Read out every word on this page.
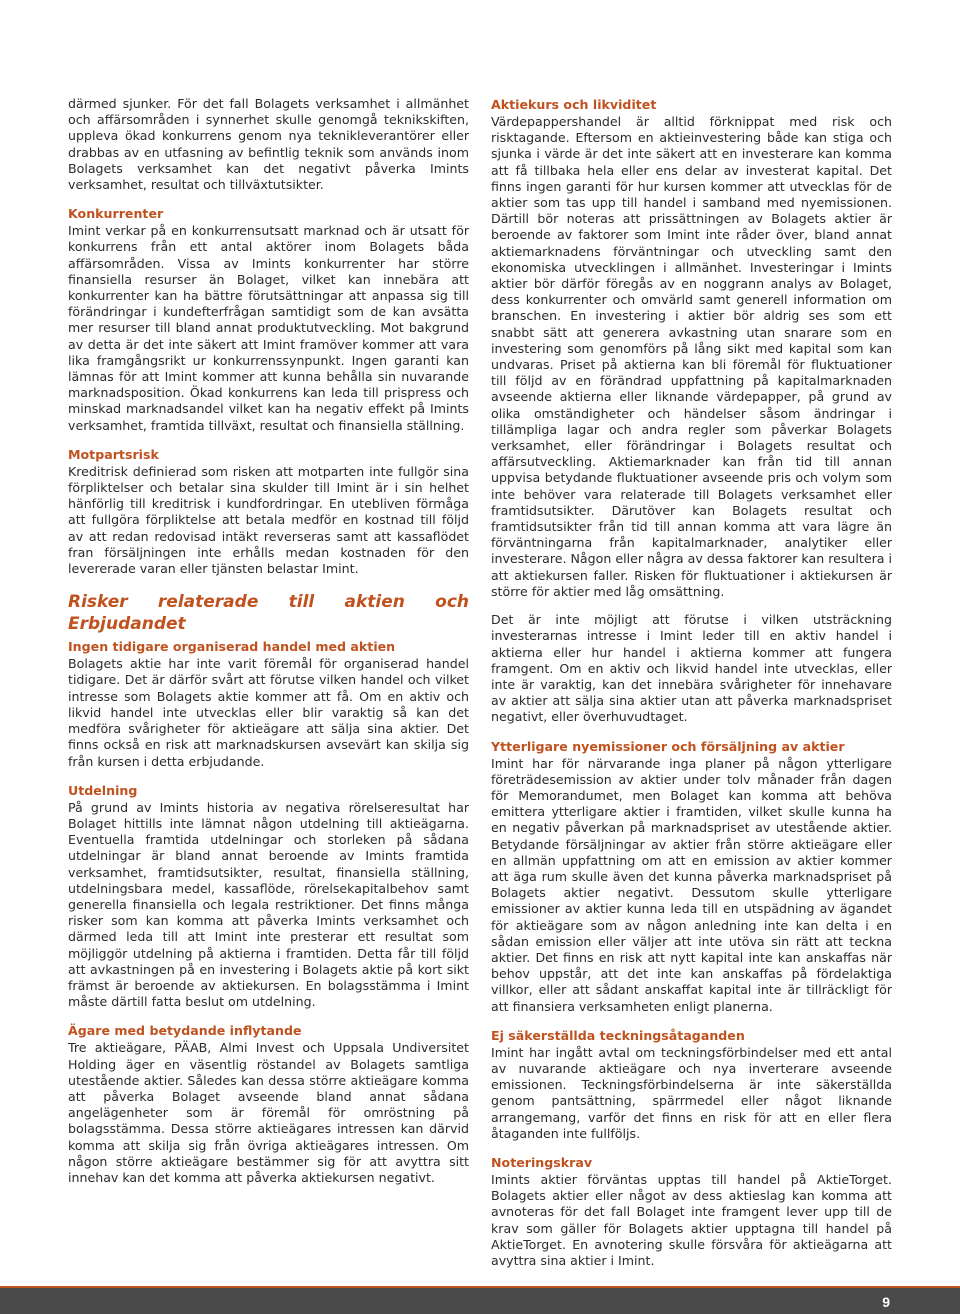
därmed sjunker. För det fall Bolagets verksamhet i allmänhet och affärsområden i synnerhet skulle genomgå teknikskiften, uppleva ökad konkurrens genom nya teknikleverantörer eller drabbas av en utfasning av befintlig teknik som används inom Bolagets verksamhet kan det negativt påverka Imints verksamhet, resultat och tillväxtutsikter.

Konkurrenter

Imint verkar på en konkurrensutsatt marknad och är utsatt för konkurrens från ett antal aktörer inom Bolagets båda affärsområden. Vissa av Imints konkurrenter har större finansiella resurser än Bolaget, vilket kan innebära att konkurrenter kan ha bättre förutsättningar att anpassa sig till förändringar i kundefterfrågan samtidigt som de kan avsätta mer resurser till bland annat produktutveckling. Mot bakgrund av detta är det inte säkert att Imint framöver kommer att vara lika framgångsrikt ur konkurrenssynpunkt. Ingen garanti kan lämnas för att Imint kommer att kunna behålla sin nuvarande marknadsposition. Ökad konkurrens kan leda till prispress och minskad marknadsandel vilket kan ha negativ effekt på Imints verksamhet, framtida tillväxt, resultat och finansiella ställning.

Motpartsrisk

Kreditrisk definierad som risken att motparten inte fullgör sina förpliktelser och betalar sina skulder till Imint är i sin helhet hänförlig till kreditrisk i kundfordringar. En utebliven förmåga att fullgöra förpliktelse att betala medför en kostnad till följd av att redan redovisad intäkt reverseras samt att kassaflödet fran försäljningen inte erhålls medan kostnaden för den levererade varan eller tjänsten belastar Imint.

Risker relaterade till aktien och Erbjudandet
Ingen tidigare organiserad handel med aktien

Bolagets aktie har inte varit föremål för organiserad handel tidigare. Det är därför svårt att förutse vilken handel och vilket intresse som Bolagets aktie kommer att få. Om en aktiv och likvid handel inte utvecklas eller blir varaktig så kan det medföra svårigheter för aktieägare att sälja sina aktier. Det finns också en risk att marknadskursen avsevärt kan skilja sig från kursen i detta erbjudande.

Utdelning

På grund av Imints historia av negativa rörelseresultat har Bolaget hittills inte lämnat någon utdelning till aktieägarna. Eventuella framtida utdelningar och storleken på sådana utdelningar är bland annat beroende av Imints framtida verksamhet, framtidsutsikter, resultat, finansiella ställning, utdelningsbara medel, kassaflöde, rörelsekapitalbehov samt generella finansiella och legala restriktioner. Det finns många risker som kan komma att påverka Imints verksamhet och därmed leda till att Imint inte presterar ett resultat som möjliggör utdelning på aktierna i framtiden. Detta får till följd att avkastningen på en investering i Bolagets aktie på kort sikt främst är beroende av aktiekursen. En bolagsstämma i Imint måste därtill fatta beslut om utdelning.

Ägare med betydande inflytande

Tre aktieägare, PÄAB, Almi Invest och Uppsala Undiversitet Holding äger en väsentlig röstandel av Bolagets samtliga utestående aktier. Således kan dessa större aktieägare komma att påverka Bolaget avseende bland annat sådana angelägenheter som är föremål för omröstning på bolagsstämma. Dessa större aktieägares intressen kan därvid komma att skilja sig från övriga aktieägares intressen. Om någon större aktieägare bestämmer sig för att avyttra sitt innehav kan det komma att påverka aktiekursen negativt.

Aktiekurs och likviditet

Värdepappershandel är alltid förknippat med risk och risktagande. Eftersom en aktieinvestering både kan stiga och sjunka i värde är det inte säkert att en investerare kan komma att få tillbaka hela eller ens delar av investerat kapital. Det finns ingen garanti för hur kursen kommer att utvecklas för de aktier som tas upp till handel i samband med nyemissionen. Därtill bör noteras att prissättningen av Bolagets aktier är beroende av faktorer som Imint inte råder över, bland annat aktiemarknadens förväntningar och utveckling samt den ekonomiska utvecklingen i allmänhet. Investeringar i Imints aktier bör därför föregås av en noggrann analys av Bolaget, dess konkurrenter och omvärld samt generell information om branschen. En investering i aktier bör aldrig ses som ett snabbt sätt att generera avkastning utan snarare som en investering som genomförs på lång sikt med kapital som kan undvaras. Priset på aktierna kan bli föremål för fluktuationer till följd av en förändrad uppfattning på kapitalmarknaden avseende aktierna eller liknande värdepapper, på grund av olika omständigheter och händelser såsom ändringar i tillämpliga lagar och andra regler som påverkar Bolagets verksamhet, eller förändringar i Bolagets resultat och affärsutveckling. Aktiemarknader kan från tid till annan uppvisa betydande fluktuationer avseende pris och volym som inte behöver vara relaterade till Bolagets verksamhet eller framtidsutsikter. Därutöver kan Bolagets resultat och framtidsutsikter från tid till annan komma att vara lägre än förväntningarna från kapitalmarknader, analytiker eller investerare. Någon eller några av dessa faktorer kan resultera i att aktiekursen faller. Risken för fluktuationer i aktiekursen är större för aktier med låg omsättning.

Det är inte möjligt att förutse i vilken utsträckning investerarnas intresse i Imint leder till en aktiv handel i aktierna eller hur handel i aktierna kommer att fungera framgent. Om en aktiv och likvid handel inte utvecklas, eller inte är varaktig, kan det innebära svårigheter för innehavare av aktier att sälja sina aktier utan att påverka marknadspriset negativt, eller överhuvudtaget.

Ytterligare nyemissioner och försäljning av aktier

Imint har för närvarande inga planer på någon ytterligare företrädesemission av aktier under tolv månader från dagen för Memorandumet, men Bolaget kan komma att behöva emittera ytterligare aktier i framtiden, vilket skulle kunna ha en negativ påverkan på marknadspriset av utestående aktier. Betydande försäljningar av aktier från större aktieägare eller en allmän uppfattning om att en emission av aktier kommer att äga rum skulle även det kunna påverka marknadspriset på Bolagets aktier negativt. Dessutom skulle ytterligare emissioner av aktier kunna leda till en utspädning av ägandet för aktieägare som av någon anledning inte kan delta i en sådan emission eller väljer att inte utöva sin rätt att teckna aktier. Det finns en risk att nytt kapital inte kan anskaffas när behov uppstår, att det inte kan anskaffas på fördelaktiga villkor, eller att sådant anskaffat kapital inte är tillräckligt för att finansiera verksamheten enligt planerna.

Ej säkerställda teckningsåtaganden

Imint har ingått avtal om teckningsförbindelser med ett antal av nuvarande aktieägare och nya inverterare avseende emissionen. Teckningsförbindelserna är inte säkerställda genom pantsättning, spärrmedel eller något liknande arrangemang, varför det finns en risk för att en eller flera åtaganden inte fullföljs.

Noteringskrav

Imints aktier förväntas upptas till handel på AktieTorget. Bolagets aktier eller något av dess aktieslag kan komma att avnoteras för det fall Bolaget inte framgent lever upp till de krav som gäller för Bolagets aktier upptagna till handel på AktieTorget. En avnotering skulle försvåra för aktieägarna att avyttra sina aktier i Imint.

9
